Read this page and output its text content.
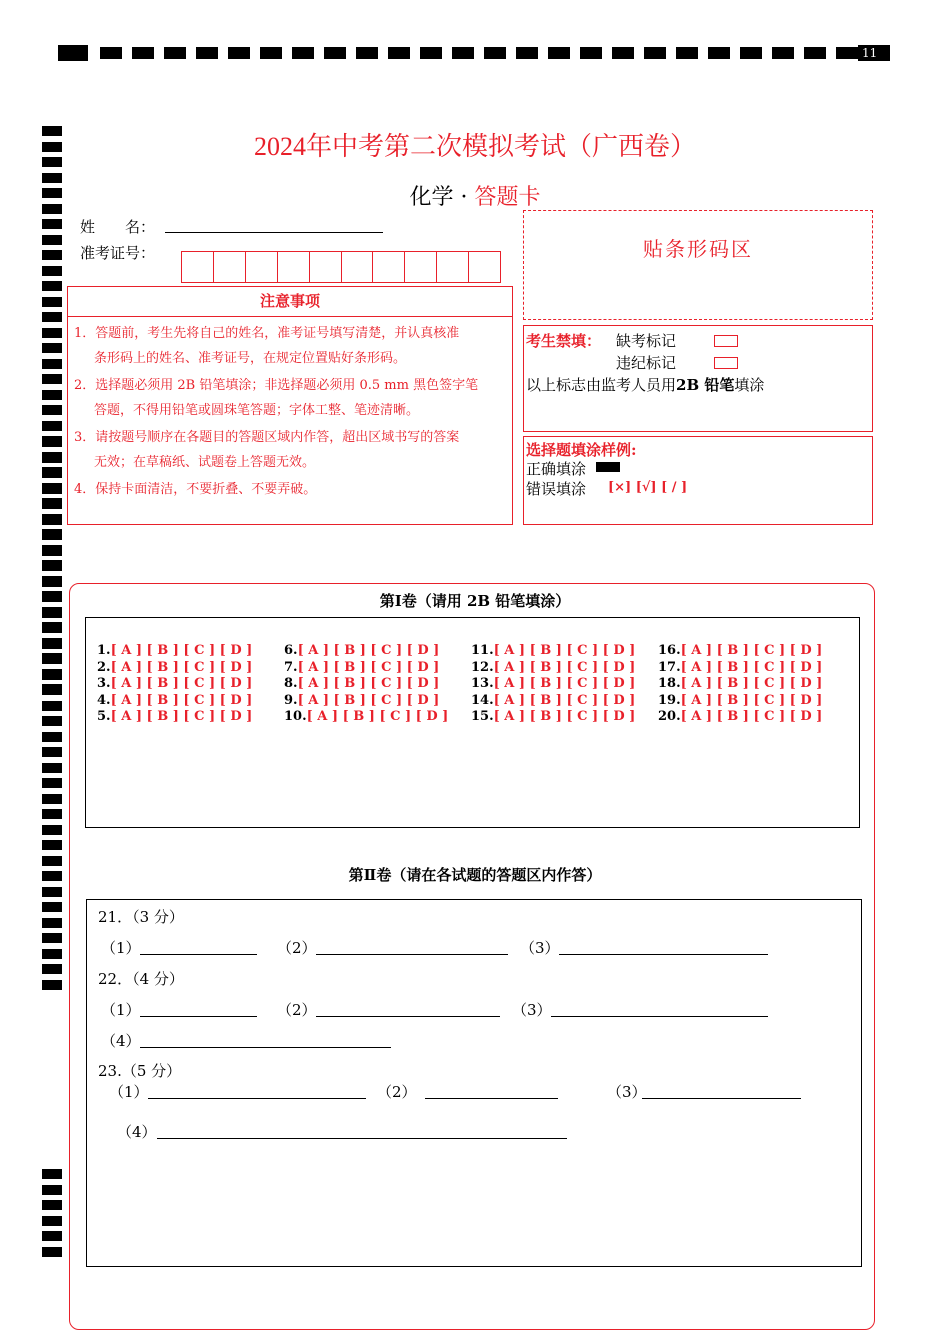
11
2024年中考第二次模拟考试（广西卷）
化学 · 答题卡
姓　　名：
准考证号：
注意事项
1．答题前，考生先将自己的姓名，准考证号填写清楚，并认真核准
条形码上的姓名、准考证号，在规定位置贴好条形码。
2．选择题必须用 2B 铅笔填涂；非选择题必须用 0.5 mm 黑色签字笔
答题，不得用铅笔或圆珠笔答题；字体工整、笔迹清晰。
3．请按题号顺序在各题目的答题区域内作答，超出区域书写的答案
无效；在草稿纸、试题卷上答题无效。
4．保持卡面清洁，不要折叠、不要弄破。
贴条形码区
考生禁填： 缺考标记
违纪标记
以上标志由监考人员用2B 铅笔填涂
选择题填涂样例:
正确填涂
错误填涂 [×] [√] [ / ]
第Ⅰ卷（请用 2B 铅笔填涂）
1.[ A ] [ B ] [ C ] [ D ]
2.[ A ] [ B ] [ C ] [ D ]
3.[ A ] [ B ] [ C ] [ D ]
4.[ A ] [ B ] [ C ] [ D ]
5.[ A ] [ B ] [ C ] [ D ]
6.[ A ] [ B ] [ C ] [ D ]
7.[ A ] [ B ] [ C ] [ D ]
8.[ A ] [ B ] [ C ] [ D ]
9.[ A ] [ B ] [ C ] [ D ]
10.[ A ] [ B ] [ C ] [ D ]
11.[ A ] [ B ] [ C ] [ D ]
12.[ A ] [ B ] [ C ] [ D ]
13.[ A ] [ B ] [ C ] [ D ]
14.[ A ] [ B ] [ C ] [ D ]
15.[ A ] [ B ] [ C ] [ D ]
16.[ A ] [ B ] [ C ] [ D ]
17.[ A ] [ B ] [ C ] [ D ]
18.[ A ] [ B ] [ C ] [ D ]
19.[ A ] [ B ] [ C ] [ D ]
20.[ A ] [ B ] [ C ] [ D ]
第Ⅱ卷（请在各试题的答题区内作答）
21．（3 分）
（1）	（2）	（3）
22．（4 分）
（1）	（2）	（3）
（4）
23.（5 分）
（1）	（2）	（3）
（4）
